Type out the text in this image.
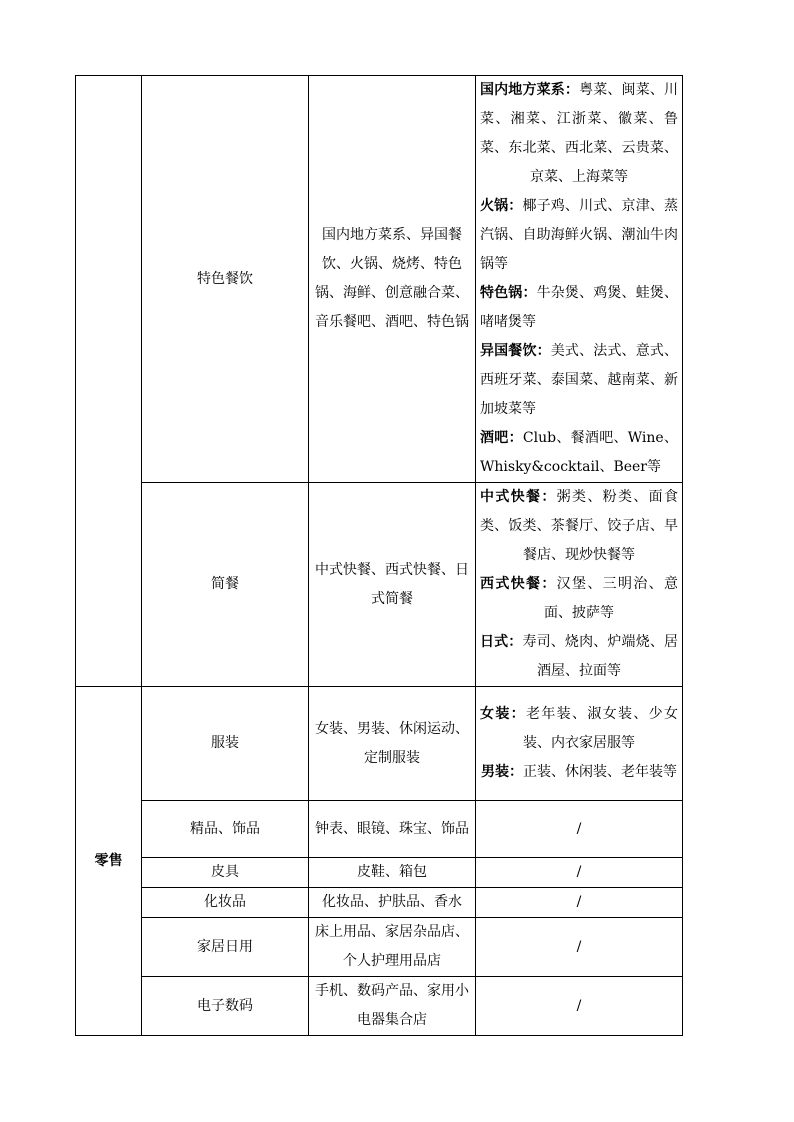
	特色餐饮	国内地方菜系、异国餐饮、火锅、烧烤、特色锅、海鲜、创意融合菜、音乐餐吧、酒吧、特色锅	国内地方菜系：粤菜、闽菜、川菜、湘菜、江浙菜、徽菜、鲁菜、东北菜、西北菜、云贵菜、京菜、上海菜等
火锅：椰子鸡、川式、京津、蒸汽锅、自助海鲜火锅、潮汕牛肉锅等
特色锅：牛杂煲、鸡煲、蛙煲、啫啫煲等
异国餐饮：美式、法式、意式、西班牙菜、泰国菜、越南菜、新加坡菜等
酒吧：Club、餐酒吧、Wine、Whisky&cocktail、Beer等

	简餐	中式快餐、西式快餐、日式简餐	中式快餐：粥类、粉类、面食类、饭类、茶餐厅、饺子店、早餐店、现炒快餐等
西式快餐：汉堡、三明治、意面、披萨等
日式：寿司、烧肉、炉端烧、居酒屋、拉面等

零售	服装	女装、男装、休闲运动、定制服装	女装：老年装、淑女装、少女装、内衣家居服等
男装：正装、休闲装、老年装等

	精品、饰品	钟表、眼镜、珠宝、饰品	/
	皮具	皮鞋、箱包	/
	化妆品	化妆品、护肤品、香水	/
	家居日用	床上用品、家居杂品店、个人护理用品店	/
	电子数码	手机、数码产品、家用小电器集合店	/
